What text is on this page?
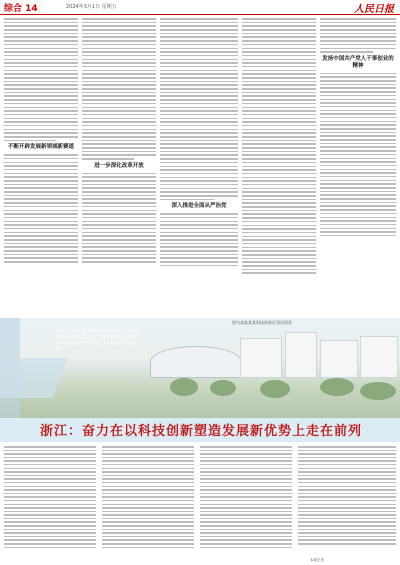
综合 14	2024年3月1日 星期五	人民日报
不断开辟发展新领域新赛道
进一步深化改革开放
深入推进全面从严治党
发扬中国共产党人干事创业的精神
近年来，浙江坚持创新驱动发展战略，加快建设高水平创新型省份，积极探索科技创新和产业创新深度融合的路径，全力打造创新策源地。
图为某地某某科技创新区建设图景
浙江：奋力在以科技创新塑造发展新优势上走在前列
本报记者
